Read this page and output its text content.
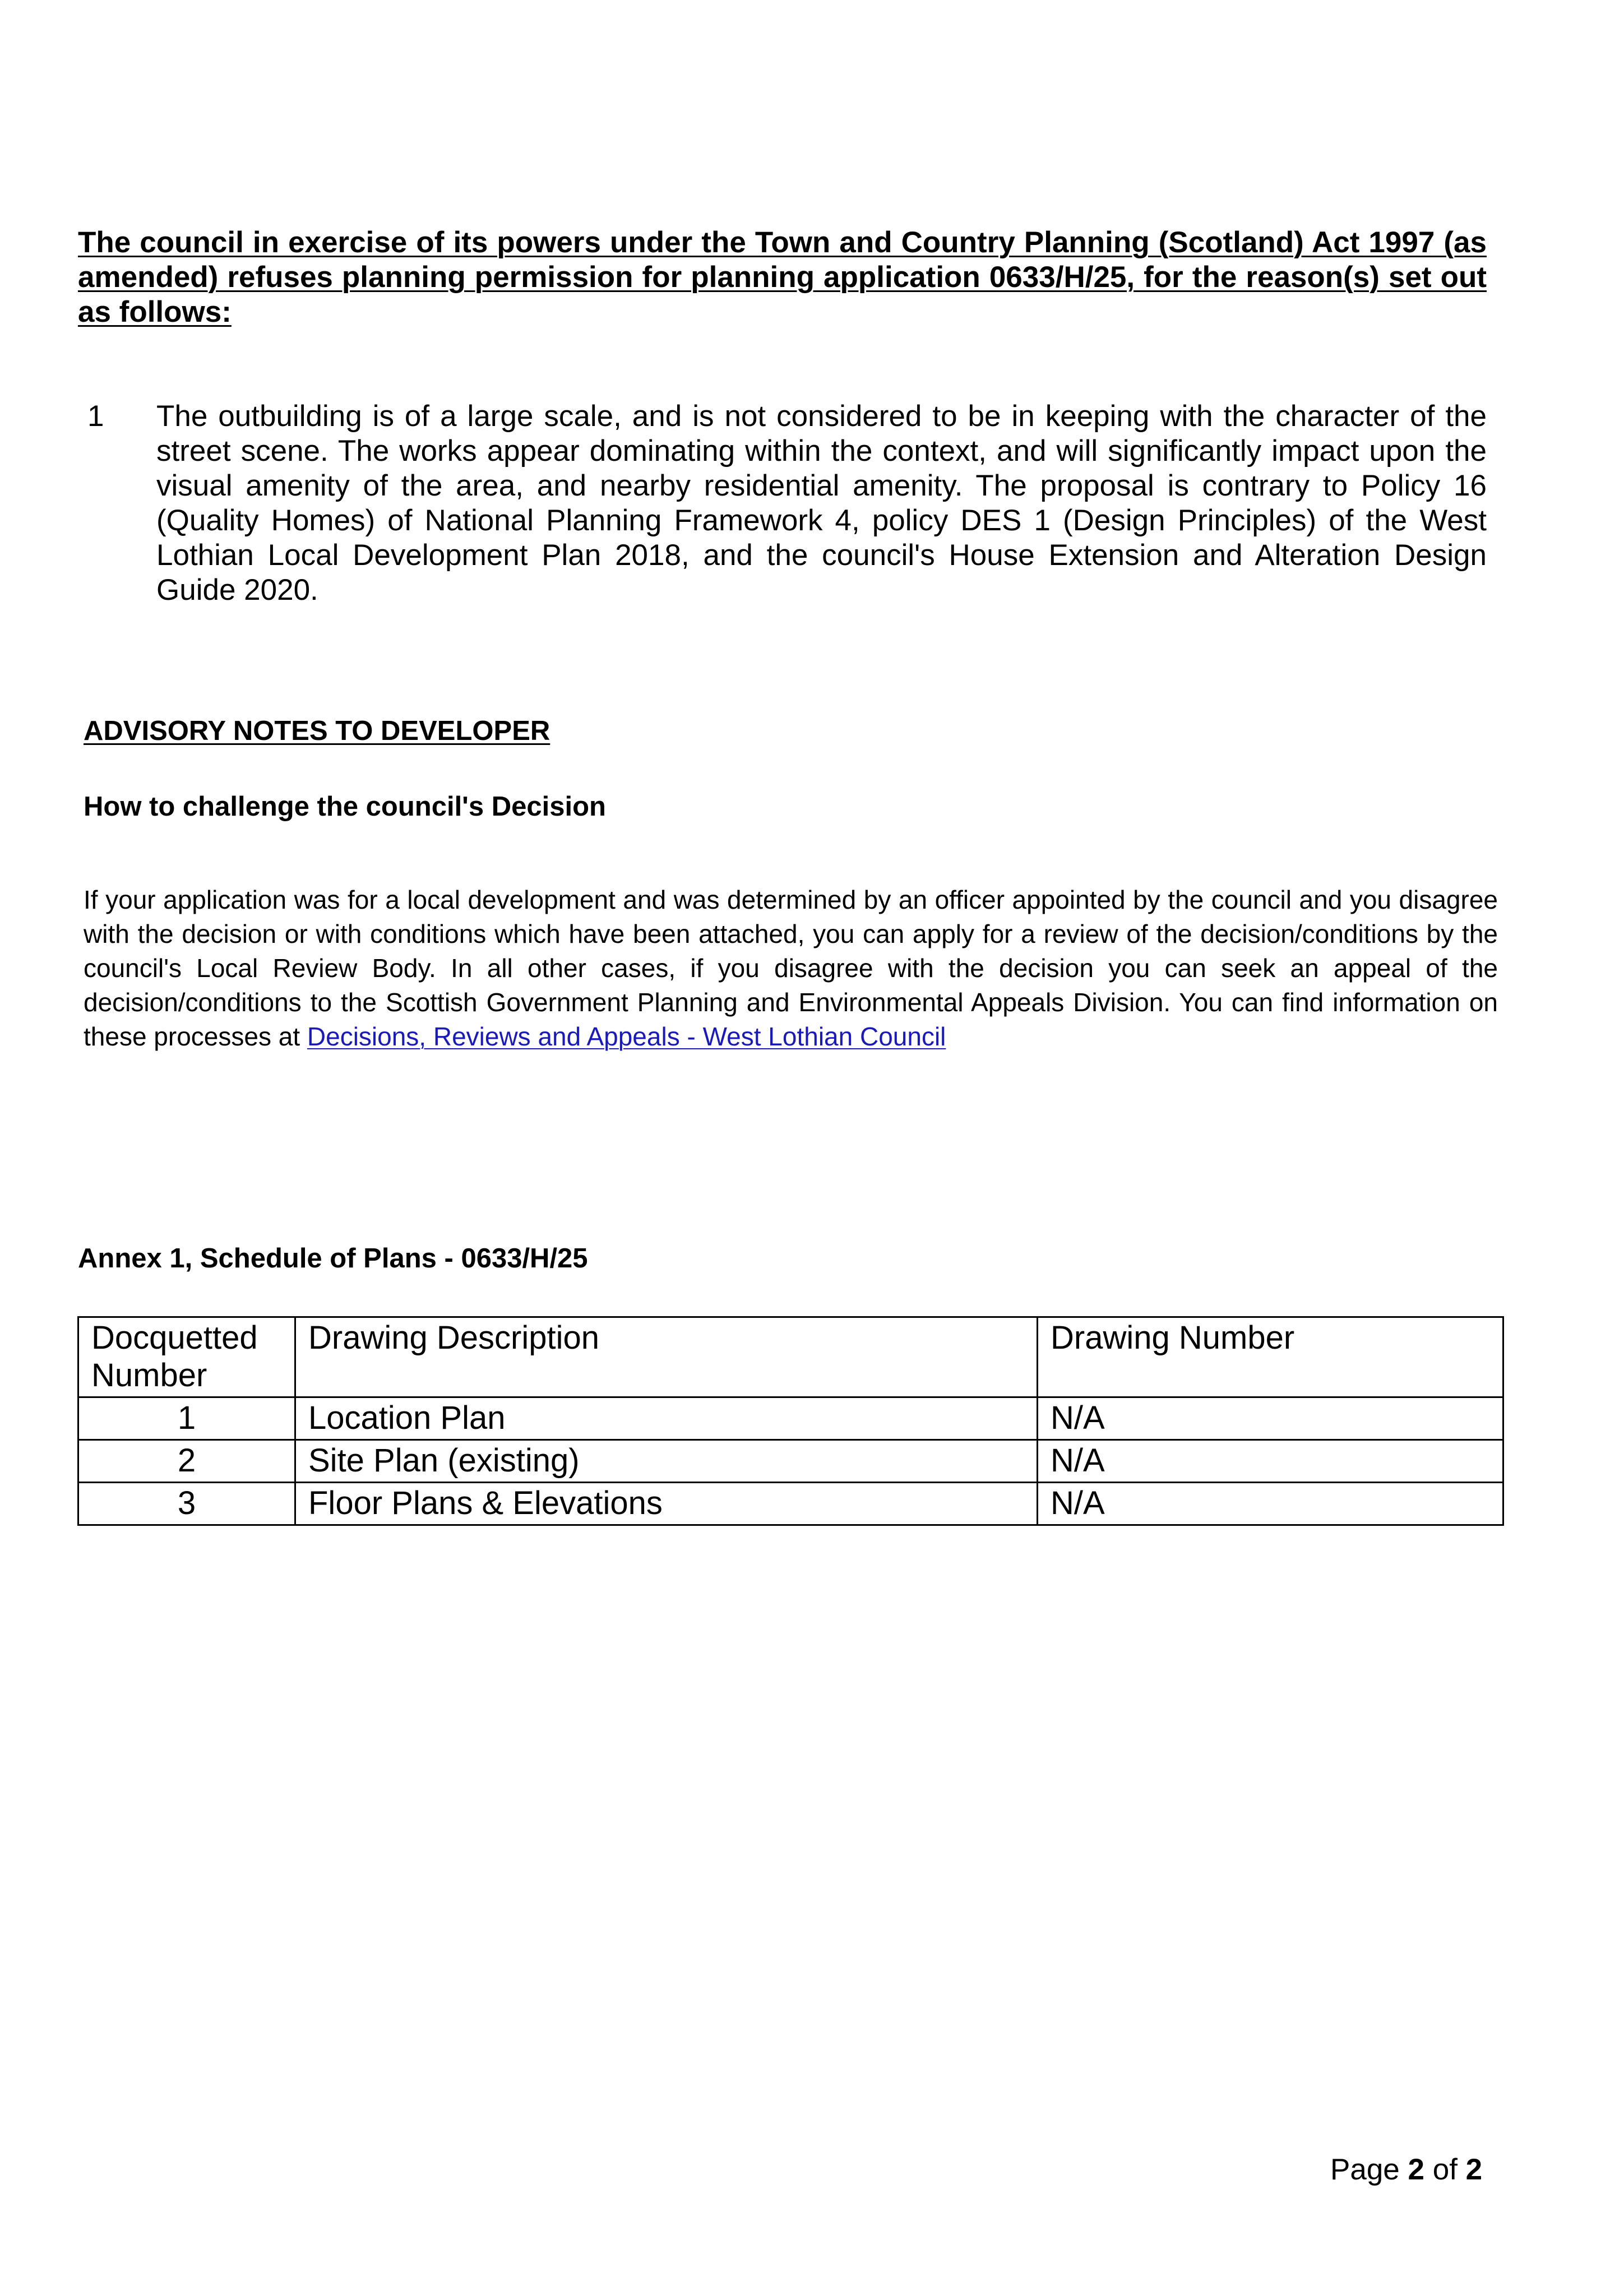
The council in exercise of its powers under the Town and Country Planning (Scotland) Act 1997 (as amended) refuses planning permission for planning application 0633/H/25, for the reason(s) set out as follows:
1 The outbuilding is of a large scale, and is not considered to be in keeping with the character of the street scene. The works appear dominating within the context, and will significantly impact upon the visual amenity of the area, and nearby residential amenity. The proposal is contrary to Policy 16 (Quality Homes) of National Planning Framework 4, policy DES 1 (Design Principles) of the West Lothian Local Development Plan 2018, and the council's House Extension and Alteration Design Guide 2020.
ADVISORY NOTES TO DEVELOPER
How to challenge the council's Decision
If your application was for a local development and was determined by an officer appointed by the council and you disagree with the decision or with conditions which have been attached, you can apply for a review of the decision/conditions by the council's Local Review Body. In all other cases, if you disagree with the decision you can seek an appeal of the decision/conditions to the Scottish Government Planning and Environmental Appeals Division. You can find information on these processes at Decisions, Reviews and Appeals - West Lothian Council
Annex 1, Schedule of Plans - 0633/H/25
Docquetted Number	Drawing Description	Drawing Number
1	Location Plan	N/A
2	Site Plan (existing)	N/A
3	Floor Plans & Elevations	N/A
Page 2 of 2
